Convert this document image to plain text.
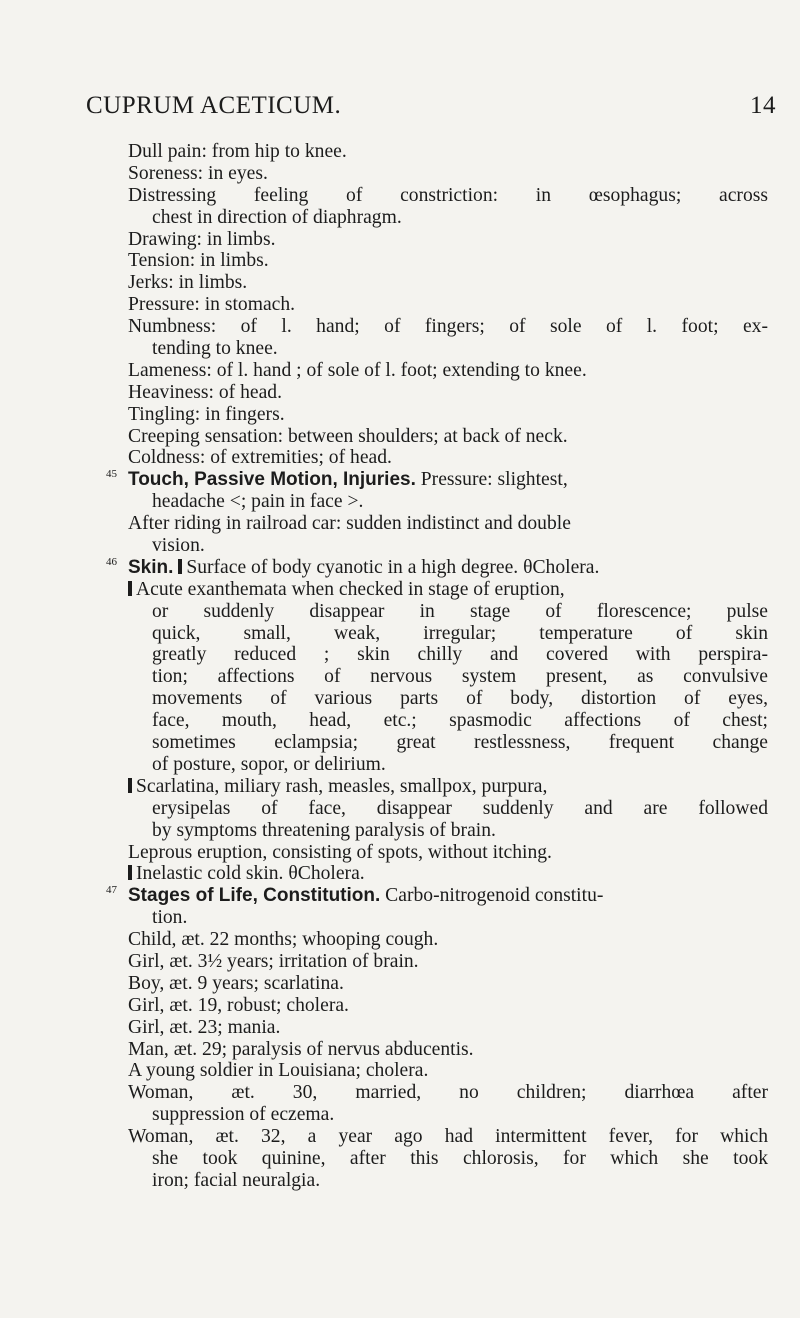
CUPRUM ACETICUM.	14
Dull pain: from hip to knee.
Soreness: in eyes.
Distressing feeling of constriction: in œsophagus; across
chest in direction of diaphragm.
Drawing: in limbs.
Tension: in limbs.
Jerks: in limbs.
Pressure: in stomach.
Numbness: of l. hand; of fingers; of sole of l. foot; ex-
tending to knee.
Lameness: of l. hand ; of sole of l. foot; extending to knee.
Heaviness: of head.
Tingling: in fingers.
Creeping sensation: between shoulders; at back of neck.
Coldness: of extremities; of head.
45 Touch, Passive Motion, Injuries. Pressure: slightest,
headache <; pain in face >.
After riding in railroad car: sudden indistinct and double
vision.
46 Skin. Surface of body cyanotic in a high degree. θCholera.
Acute exanthemata when checked in stage of eruption,
or suddenly disappear in stage of florescence; pulse
quick, small, weak, irregular; temperature of skin
greatly reduced ; skin chilly and covered with perspira-
tion; affections of nervous system present, as convulsive
movements of various parts of body, distortion of eyes,
face, mouth, head, etc.; spasmodic affections of chest;
sometimes eclampsia; great restlessness, frequent change
of posture, sopor, or delirium.
Scarlatina, miliary rash, measles, smallpox, purpura,
erysipelas of face, disappear suddenly and are followed
by symptoms threatening paralysis of brain.
Leprous eruption, consisting of spots, without itching.
Inelastic cold skin. θCholera.
47 Stages of Life, Constitution. Carbo-nitrogenoid constitu-
tion.
Child, æt. 22 months; whooping cough.
Girl, æt. 3½ years; irritation of brain.
Boy, æt. 9 years; scarlatina.
Girl, æt. 19, robust; cholera.
Girl, æt. 23; mania.
Man, æt. 29; paralysis of nervus abducentis.
A young soldier in Louisiana; cholera.
Woman, æt. 30, married, no children; diarrhœa after
suppression of eczema.
Woman, æt. 32, a year ago had intermittent fever, for which
she took quinine, after this chlorosis, for which she took
iron; facial neuralgia.
